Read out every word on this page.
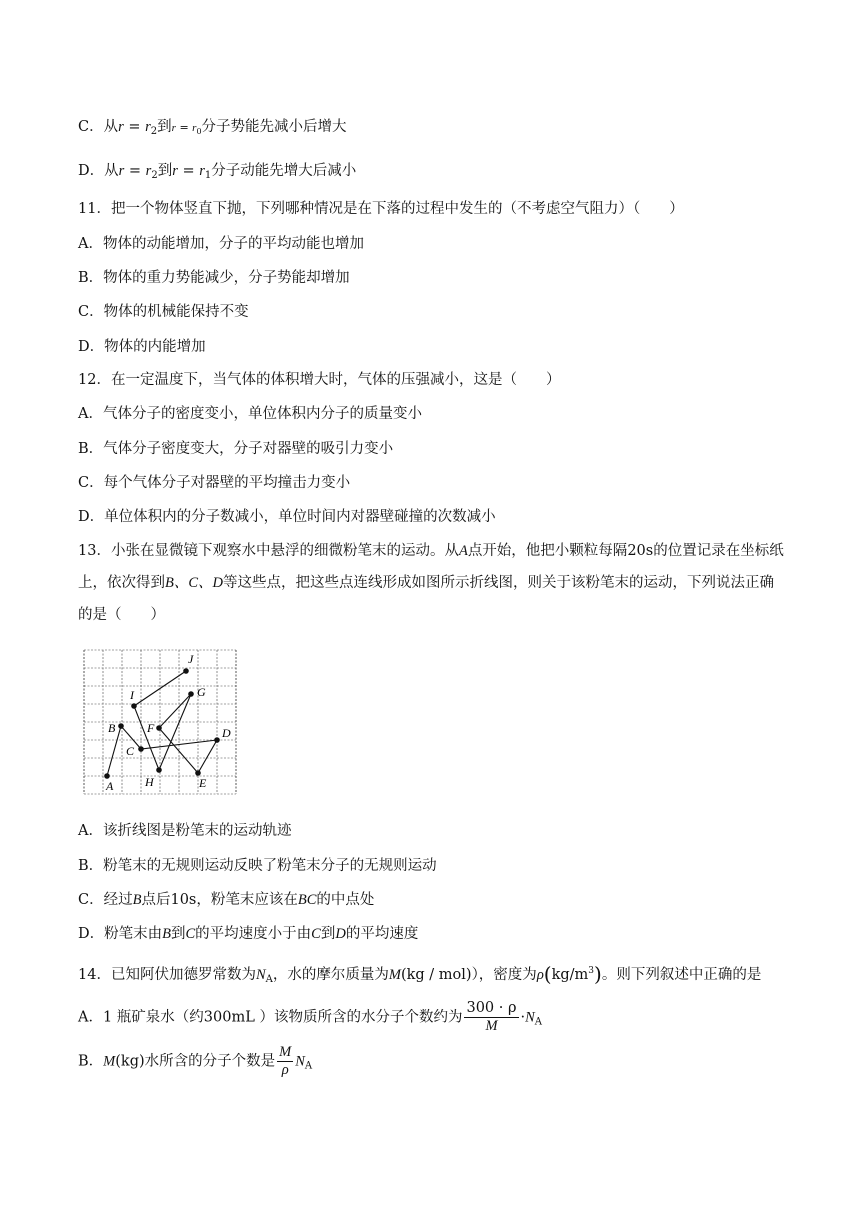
C．从$r = r_2$到$r = r_0$分子势能先减小后增大
D．从$r = r_2$到$r = r_1$分子动能先增大后减小
11．把一个物体竖直下抛，下列哪种情况是在下落的过程中发生的（不考虑空气阻力）（　　）
A．物体的动能增加，分子的平均动能也增加
B．物体的重力势能减少，分子势能却增加
C．物体的机械能保持不变
D．物体的内能增加
12．在一定温度下，当气体的体积增大时，气体的压强减小，这是（　　）
A．气体分子的密度变小，单位体积内分子的质量变小
B．气体分子密度变大，分子对器壁的吸引力变小
C．每个气体分子对器壁的平均撞击力变小
D．单位体积内的分子数减小，单位时间内对器壁碰撞的次数减小
13．小张在显微镜下观察水中悬浮的细微粉笔末的运动。从A点开始，他把小颗粒每隔20s的位置记录在坐标纸上，依次得到B、C、D等这些点，把这些点连线形成如图所示折线图，则关于该粉笔末的运动，下列说法正确的是（　　）
A
B
C
D
E
F
G
H
I
J
A．该折线图是粉笔末的运动轨迹
B．粉笔末的无规则运动反映了粉笔末分子的无规则运动
C．经过B点后10s，粉笔末应该在BC的中点处
D．粉笔末由B到C的平均速度小于由C到D的平均速度
14．已知阿伏加德罗常数为$N_A$，水的摩尔质量为M(kg / mol)），密度为$\rho(kg/m^3)$。则下列叙述中正确的是
A．1 瓶矿泉水（约300mL ）该物质所含的水分子个数约为 $\frac{300 \cdot \rho}{M} \cdot N_A$
B．M(kg)水所含的分子个数是 $\frac{M}{\rho} N_A$
